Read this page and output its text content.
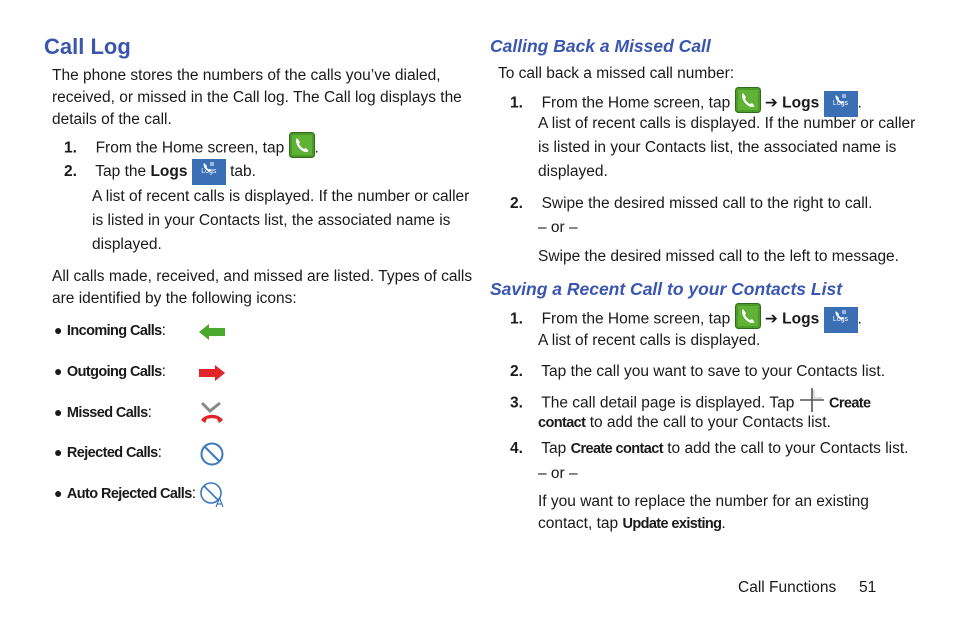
Call Log
The phone stores the numbers of the calls you’ve dialed,
received, or missed in the Call log. The Call log displays the
details of the call.
1. From the Home screen, tap .
2. Tap the Logs	Logs tab.
A list of recent calls is displayed. If the number or caller
is listed in your Contacts list, the associated name is
displayed.
All calls made, received, and missed are listed. Types of calls
are identified by the following icons:
● Incoming Calls:
● Outgoing Calls:
● Missed Calls:
● Rejected Calls:
● Auto Rejected Calls:
Calling Back a Missed Call
To call back a missed call number:
1. From the Home screen, tap ➔ Logs	Logs .
A list of recent calls is displayed. If the number or caller
is listed in your Contacts list, the associated name is
displayed.
2. Swipe the desired missed call to the right to call.
– or –
Swipe the desired missed call to the left to message.
Saving a Recent Call to your Contacts List
1. From the Home screen, tap ➔ Logs	Logs .
A list of recent calls is displayed.
2. Tap the call you want to save to your Contacts list.
3. The call detail page is displayed. Tap Create
contact to add the call to your Contacts list.
4. Tap Create contact to add the call to your Contacts list.
– or –
If you want to replace the number for an existing
contact, tap Update existing.
Call Functions 51
